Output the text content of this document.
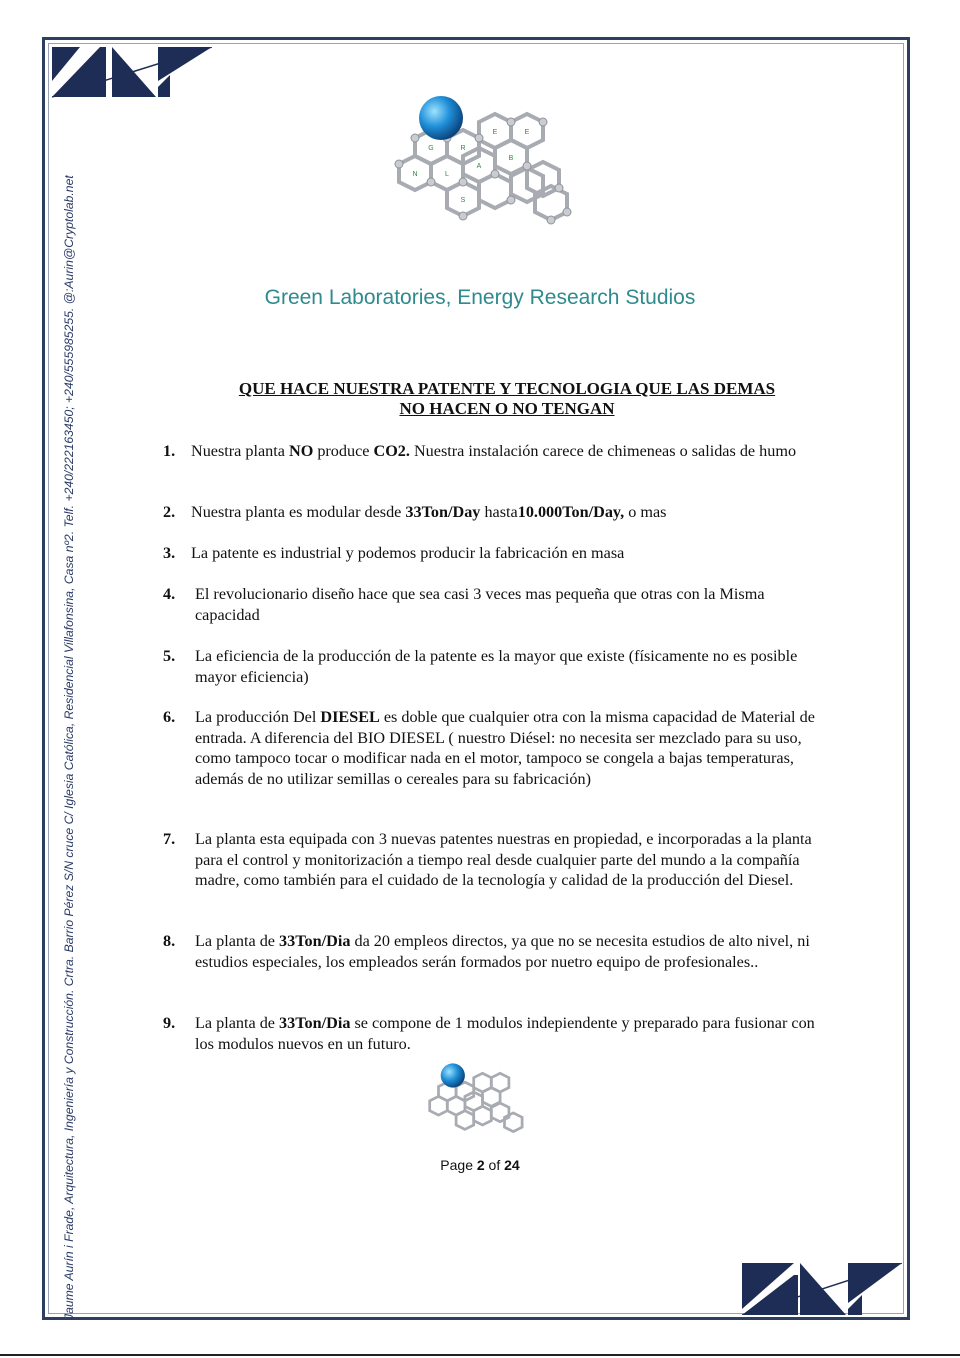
Jaume Aurín i Frade, Arquitectura, Ingeniería y Construcción. Crtra. Barrio Pérez S/N cruce C/ Iglesia Católica, Residencial Villafonsina, Casa nº2. Telf. +240/222163450; +240/555985255. @:Aurin@Cryptolab.net
G	R
E	E
N	L
A
B
S
Green Laboratories, Energy Research Studios
QUE HACE NUESTRA PATENTE Y TECNOLOGIA QUE LAS DEMAS
NO HACEN O NO TENGAN
1. Nuestra planta NO produce CO2. Nuestra instalación carece de chimeneas o salidas de humo
2. Nuestra planta es modular desde 33Ton/Day hasta10.000Ton/Day, o mas
3. La patente es industrial y podemos producir la fabricación en masa
4. El revolucionario diseño hace que sea casi 3 veces mas pequeña que otras con la Misma capacidad
5. La eficiencia de la producción de la patente es la mayor que existe (físicamente no es posible mayor eficiencia)
6. La producción Del DIESEL es doble que cualquier otra con la misma capacidad de Material de entrada. A diferencia del BIO DIESEL ( nuestro Diésel: no necesita ser mezclado para su uso, como tampoco tocar o modificar nada en el motor, tampoco se congela a bajas temperaturas, además de no utilizar semillas o cereales para su fabricación)
7. La planta esta equipada con 3 nuevas patentes nuestras en propiedad, e incorporadas a la planta para el control y monitorización a tiempo real desde cualquier parte del mundo a la compañía madre, como también para el cuidado de la tecnología y calidad de la producción del Diesel.
8. La planta de 33Ton/Dia da 20 empleos directos, ya que no se necesita estudios de alto nivel, ni estudios especiales, los empleados serán formados por nuetro equipo de profesionales..
9. La planta de 33Ton/Dia se compone de 1 modulos indepiendente y preparado para fusionar con los modulos nuevos en un futuro.
Page 2 of 24
